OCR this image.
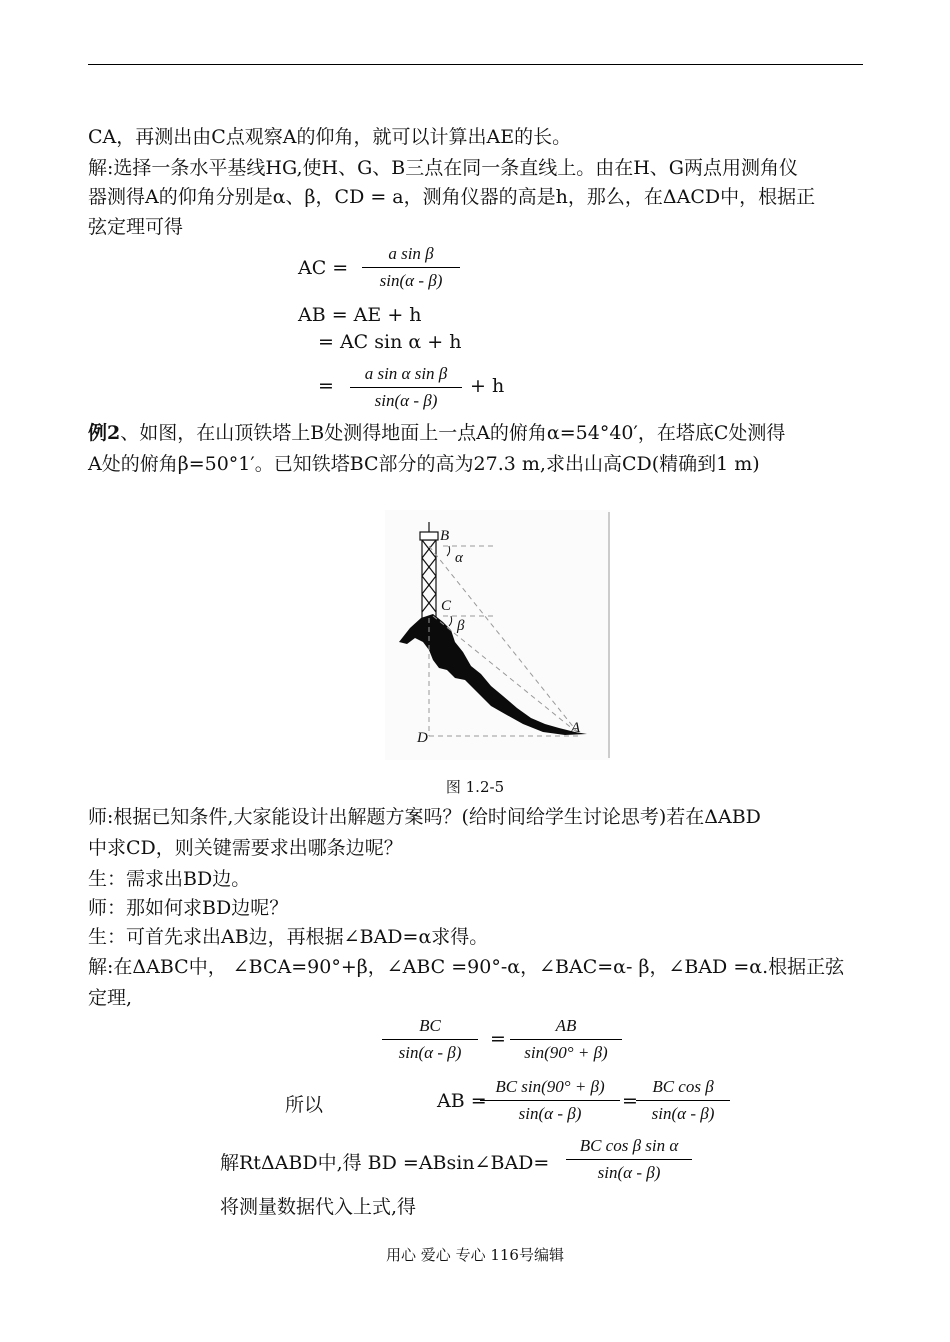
CA，再测出由C点观察A的仰角，就可以计算出AE的长。
解:选择一条水平基线HG,使H、G、B三点在同一条直线上。由在H、G两点用测角仪
器测得A的仰角分别是α、β，CD = a，测角仪器的高是h，那么，在ΔACD中，根据正
弦定理可得
AC =
a sin β
sin(α - β)
AB = AE + h
= AC sin α + h
=
a sin α sin β
sin(α - β)
+ h
例2、如图，在山顶铁塔上B处测得地面上一点A的俯角α=54°40′，在塔底C处测得
A处的俯角β=50°1′。已知铁塔BC部分的高为27.3 m,求出山高CD(精确到1 m)
B
C
D
A
α
β
图 1.2-5
师:根据已知条件,大家能设计出解题方案吗？(给时间给学生讨论思考)若在ΔABD
中求CD，则关键需要求出哪条边呢？
生：需求出BD边。
师：那如何求BD边呢？
生：可首先求出AB边，再根据∠BAD=α求得。
解:在ΔABC中， ∠BCA=90°+β，∠ABC =90°-α，∠BAC=α- β，∠BAD =α.根据正弦
定理,
BC
sin(α - β)
=
AB
sin(90° + β)
所以	AB =
BC sin(90° + β)
sin(α - β)
=
BC cos β
sin(α - β)
解RtΔABD中,得 BD =ABsin∠BAD=
BC cos β sin α
sin(α - β)
将测量数据代入上式,得
用心 爱心 专心 116号编辑
